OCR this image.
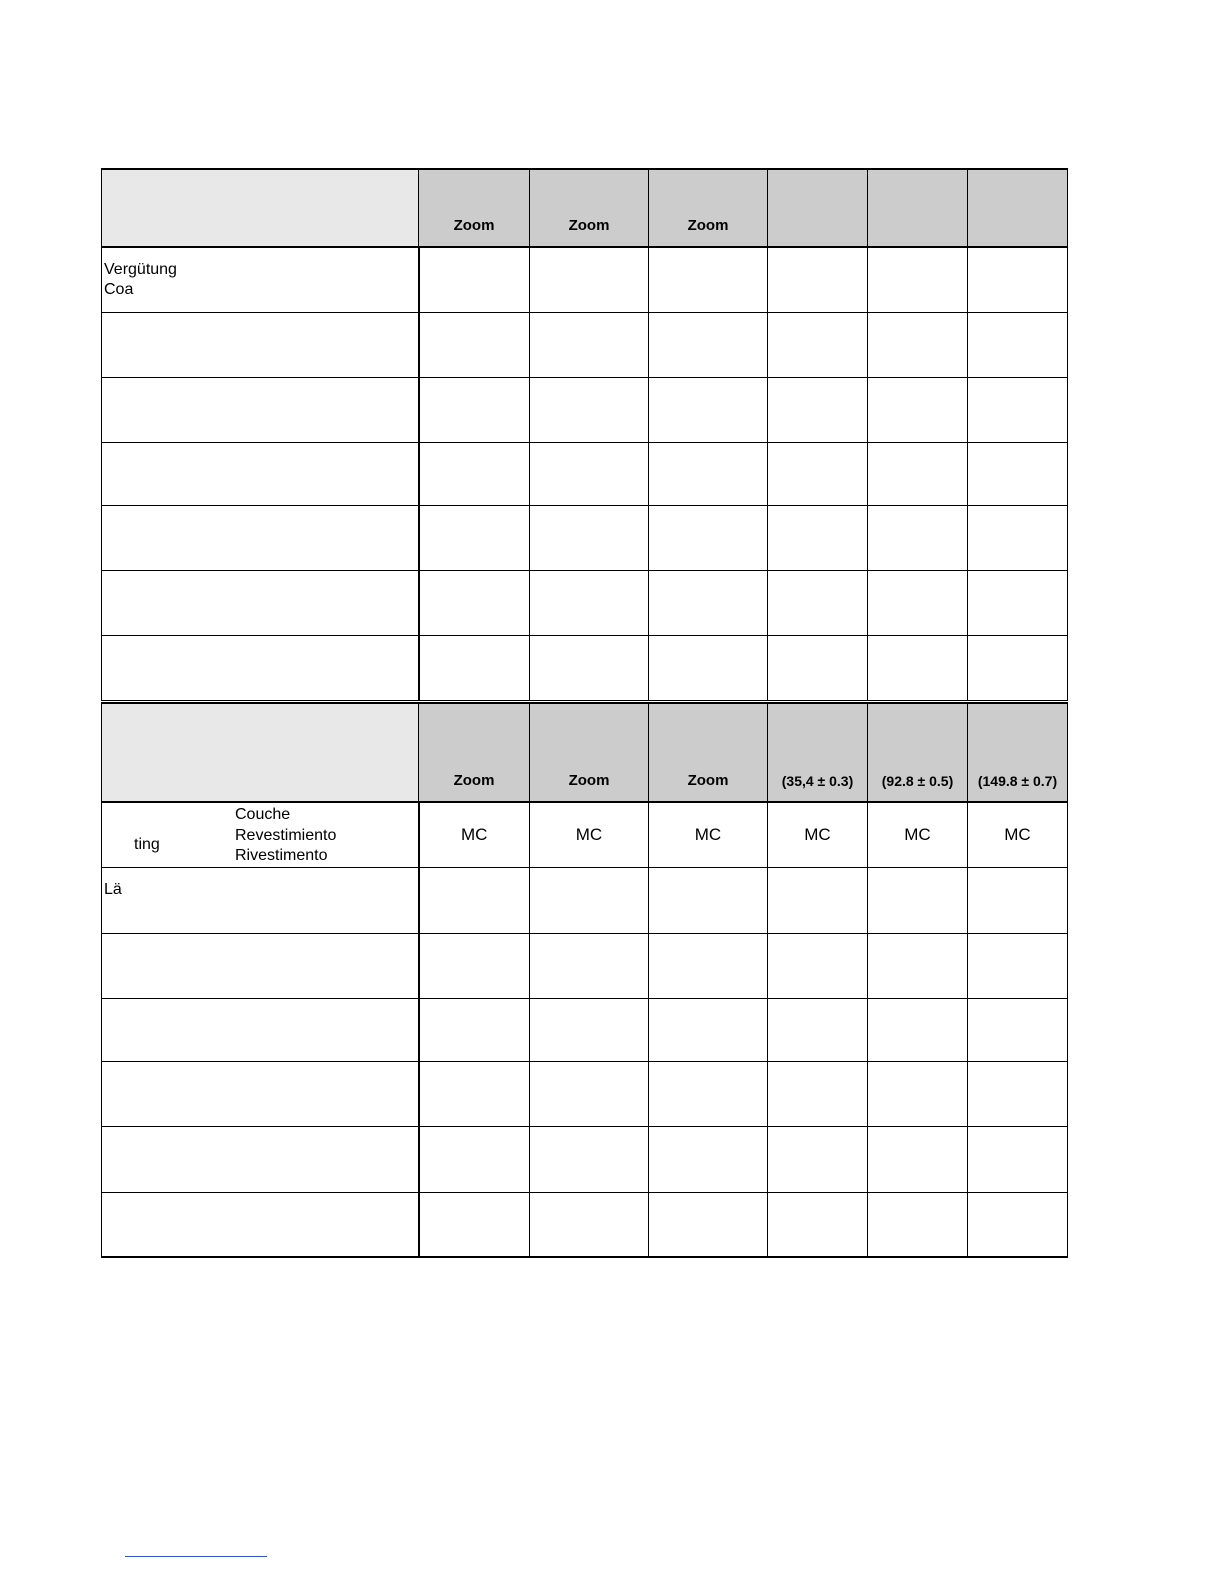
	Zoom	Zoom	Zoom			
Vergütung
Coa						

	Zoom	Zoom	Zoom	(35,4 ± 0.3)	(92.8 ± 0.5)	(149.8 ± 0.7)

ting
Couche
Revestimiento
Rivestimento	MC	MC	MC	MC	MC	MC
Lä						
